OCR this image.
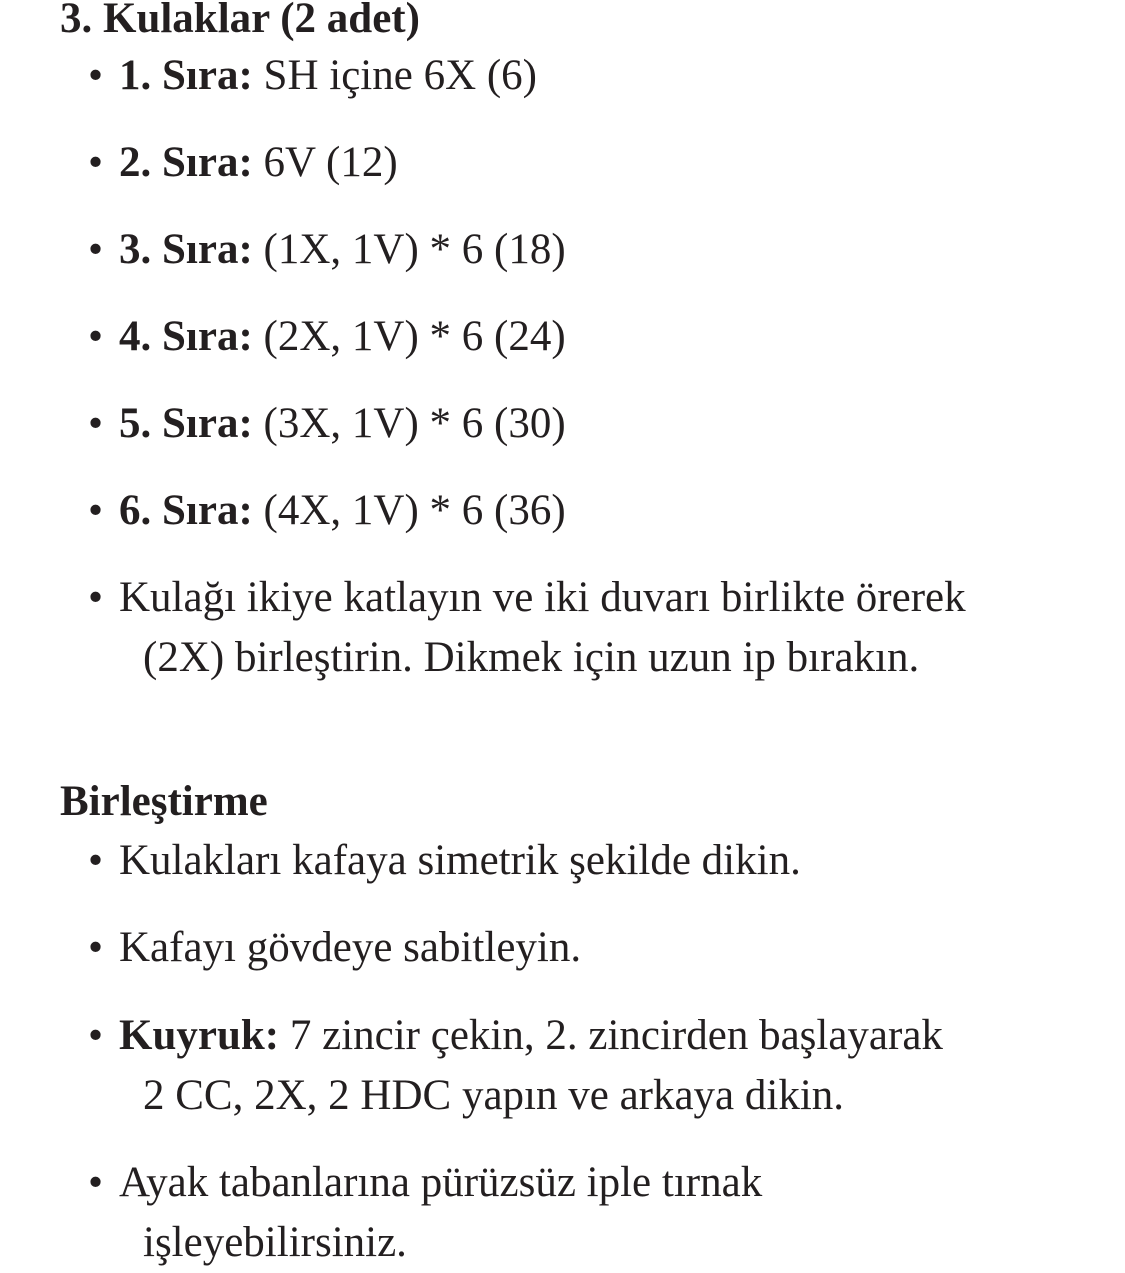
3. Kulaklar (2 adet)
• 1. Sıra: SH içine 6X (6)
• 2. Sıra: 6V (12)
• 3. Sıra: (1X, 1V) * 6 (18)
• 4. Sıra: (2X, 1V) * 6 (24)
• 5. Sıra: (3X, 1V) * 6 (30)
• 6. Sıra: (4X, 1V) * 6 (36)
• Kulağı ikiye katlayın ve iki duvarı birlikte örerek
(2X) birleştirin. Dikmek için uzun ip bırakın.
Birleştirme
• Kulakları kafaya simetrik şekilde dikin.
• Kafayı gövdeye sabitleyin.
• Kuyruk: 7 zincir çekin, 2. zincirden başlayarak
2 CC, 2X, 2 HDC yapın ve arkaya dikin.
• Ayak tabanlarına pürüzsüz iple tırnak
işleyebilirsiniz.
